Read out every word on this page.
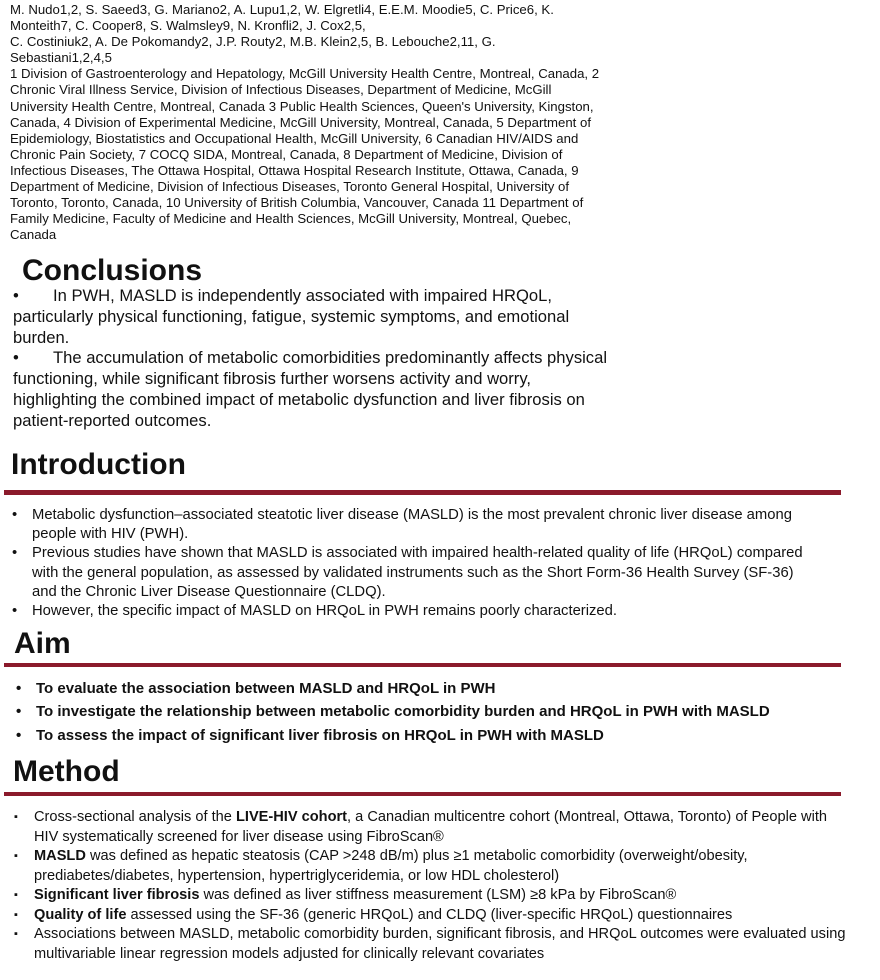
M. Nudo1,2, S. Saeed3, G. Mariano2, A. Lupu1,2, W. Elgretli4, E.E.M. Moodie5, C. Price6, K.

Monteith7, C. Cooper8, S. Walmsley9, N. Kronfli2, J. Cox2,5,

C. Costiniuk2, A. De Pokomandy2, J.P. Routy2, M.B. Klein2,5, B. Lebouche2,11, G.

Sebastiani1,2,4,5

1 Division of Gastroenterology and Hepatology, McGill University Health Centre, Montreal, Canada, 2

Chronic Viral Illness Service, Division of Infectious Diseases, Department of Medicine, McGill

University Health Centre, Montreal, Canada 3 Public Health Sciences, Queen's University, Kingston,

Canada, 4 Division of Experimental Medicine, McGill University, Montreal, Canada, 5 Department of

Epidemiology, Biostatistics and Occupational Health, McGill University, 6 Canadian HIV/AIDS and

Chronic Pain Society, 7 COCQ SIDA, Montreal, Canada, 8 Department of Medicine, Division of

Infectious Diseases, The Ottawa Hospital, Ottawa Hospital Research Institute, Ottawa, Canada, 9

Department of Medicine, Division of Infectious Diseases, Toronto General Hospital, University of

Toronto, Toronto, Canada, 10 University of British Columbia, Vancouver, Canada 11 Department of

Family Medicine, Faculty of Medicine and Health Sciences, McGill University, Montreal, Quebec,

Canada

Conclusions

• In PWH, MASLD is independently associated with impaired HRQoL,

particularly physical functioning, fatigue, systemic symptoms, and emotional

burden.

• The accumulation of metabolic comorbidities predominantly affects physical

functioning, while significant fibrosis further worsens activity and worry,

highlighting the combined impact of metabolic dysfunction and liver fibrosis on

patient-reported outcomes.

Introduction
• Metabolic dysfunction–associated steatotic liver disease (MASLD) is the most prevalent chronic liver disease among people with HIV (PWH).
• Previous studies have shown that MASLD is associated with impaired health-related quality of life (HRQoL) compared with the general population, as assessed by validated instruments such as the Short Form-36 Health Survey (SF-36) and the Chronic Liver Disease Questionnaire (CLDQ).
• However, the specific impact of MASLD on HRQoL in PWH remains poorly characterized.
Aim
• To evaluate the association between MASLD and HRQoL in PWH
• To investigate the relationship between metabolic comorbidity burden and HRQoL in PWH with MASLD
• To assess the impact of significant liver fibrosis on HRQoL in PWH with MASLD
Method
▪ Cross-sectional analysis of the LIVE-HIV cohort, a Canadian multicentre cohort (Montreal, Ottawa, Toronto) of People with HIV systematically screened for liver disease using FibroScan®
▪ MASLD was defined as hepatic steatosis (CAP >248 dB/m) plus ≥1 metabolic comorbidity (overweight/obesity, prediabetes/diabetes, hypertension, hypertriglyceridemia, or low HDL cholesterol)
▪ Significant liver fibrosis was defined as liver stiffness measurement (LSM) ≥8 kPa by FibroScan®
▪ Quality of life assessed using the SF-36 (generic HRQoL) and CLDQ (liver-specific HRQoL) questionnaires
▪ Associations between MASLD, metabolic comorbidity burden, significant fibrosis, and HRQoL outcomes were evaluated using multivariable linear regression models adjusted for clinically relevant covariates
